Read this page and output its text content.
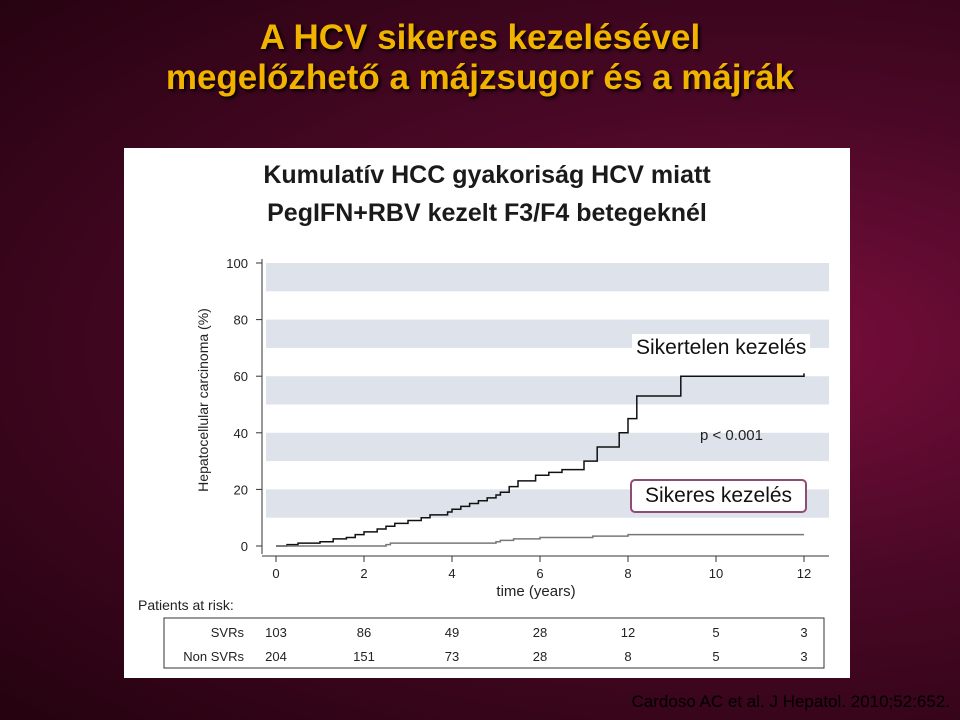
A HCV sikeres kezelésével
megelőzhető a májzsugor és a májrák
Kumulatív HCC gyakoriság HCV miatt
PegIFN+RBV kezelt F3/F4 betegeknél
0
20
40
60
80
100
0	2	4	6	8	10	12
Hepatocellular carcinoma (%)
time (years)
p < 0.001
Patients at risk:
SVRs 103	86	49	28	12	5	3
Non SVRs 204	151	73	28	8	5	3
Sikertelen kezelés
Sikeres kezelés
Cardoso AC et al. J Hepatol. 2010;52:652.
